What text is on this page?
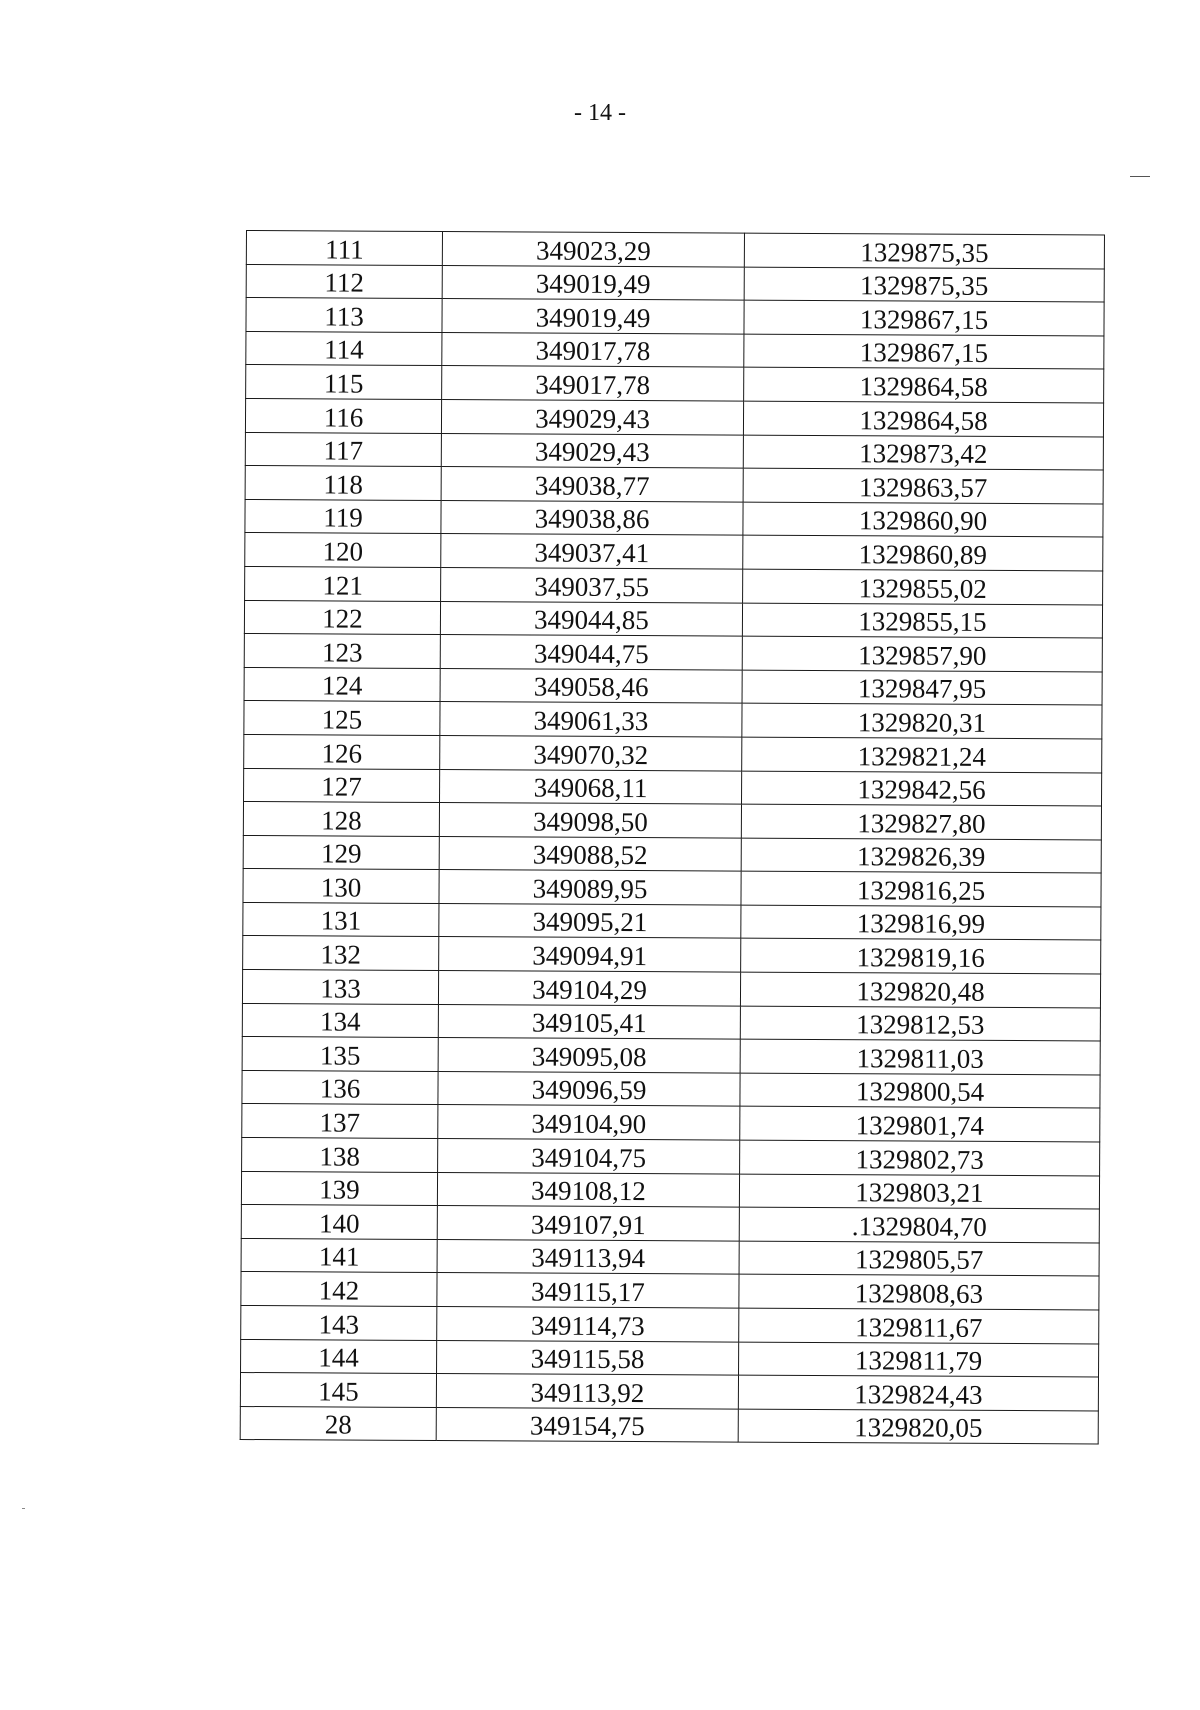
- 14 -
111	349023,29	1329875,35
112	349019,49	1329875,35
113	349019,49	1329867,15
114	349017,78	1329867,15
115	349017,78	1329864,58
116	349029,43	1329864,58
117	349029,43	1329873,42
118	349038,77	1329863,57
119	349038,86	1329860,90
120	349037,41	1329860,89
121	349037,55	1329855,02
122	349044,85	1329855,15
123	349044,75	1329857,90
124	349058,46	1329847,95
125	349061,33	1329820,31
126	349070,32	1329821,24
127	349068,11	1329842,56
128	349098,50	1329827,80
129	349088,52	1329826,39
130	349089,95	1329816,25
131	349095,21	1329816,99
132	349094,91	1329819,16
133	349104,29	1329820,48
134	349105,41	1329812,53
135	349095,08	1329811,03
136	349096,59	1329800,54
137	349104,90	1329801,74
138	349104,75	1329802,73
139	349108,12	1329803,21
140	349107,91	.1329804,70
141	349113,94	1329805,57
142	349115,17	1329808,63
143	349114,73	1329811,67
144	349115,58	1329811,79
145	349113,92	1329824,43
28	349154,75	1329820,05
